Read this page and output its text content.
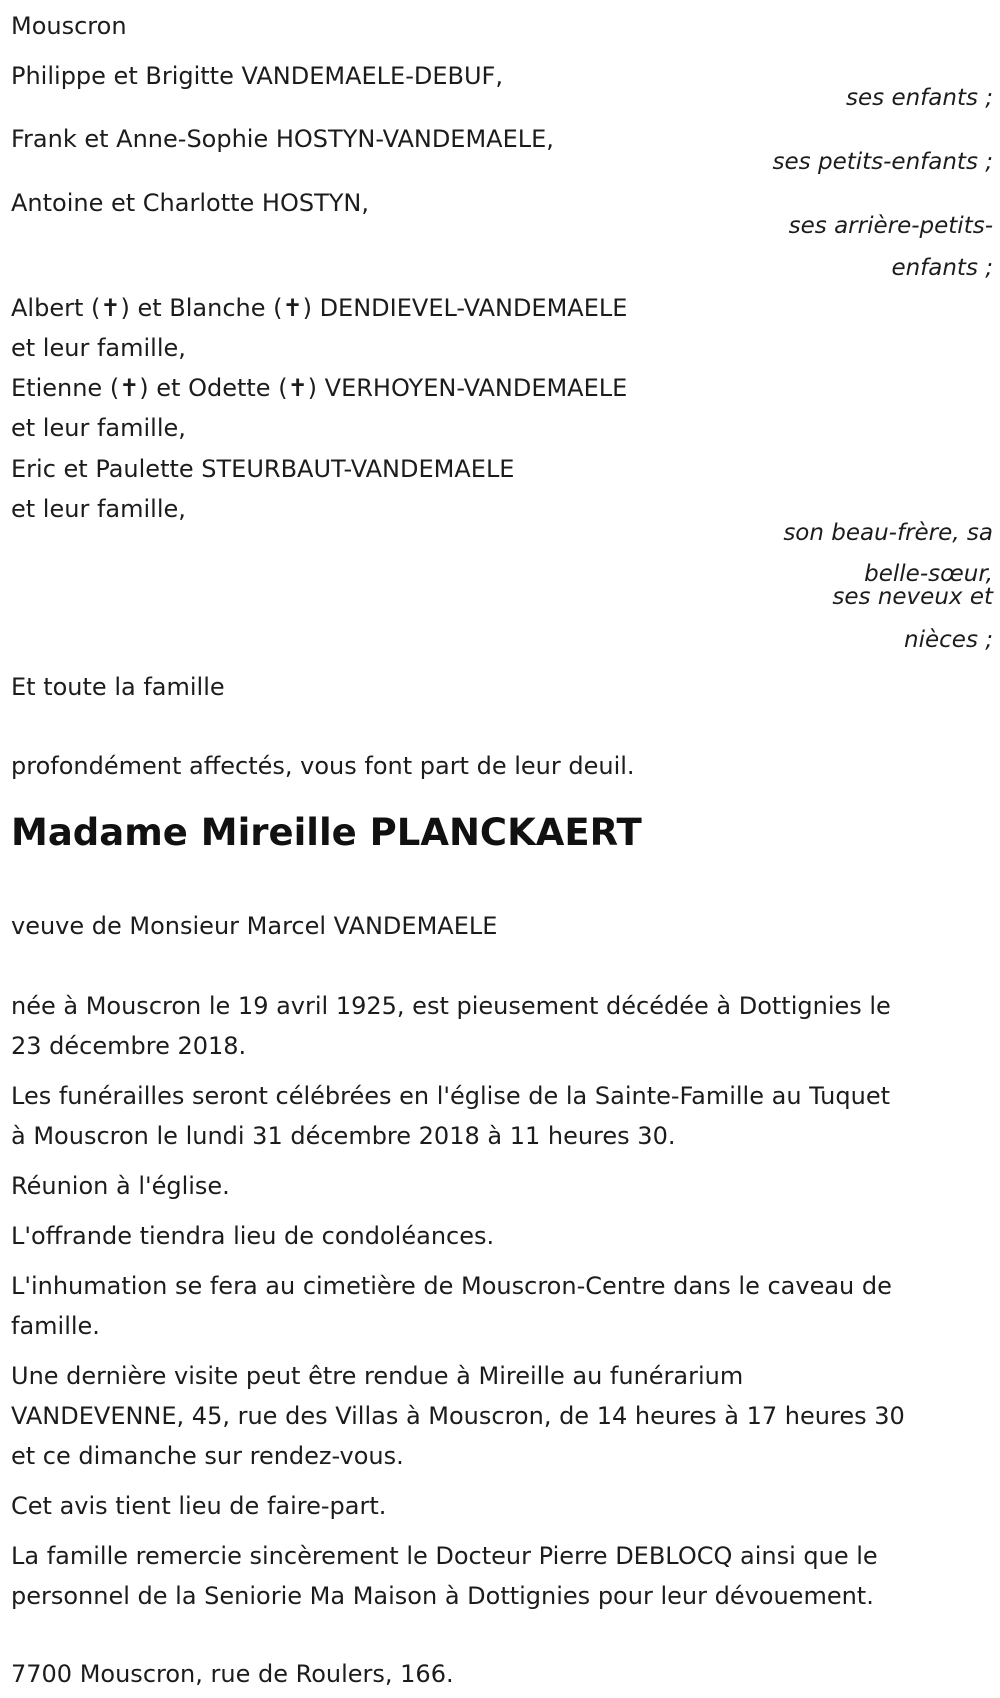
Mouscron
Philippe et Brigitte VANDEMAELE-DEBUF,
ses enfants ;
Frank et Anne-Sophie HOSTYN-VANDEMAELE,
ses petits-enfants ;
Antoine et Charlotte HOSTYN,
ses arrière-petits-
enfants ;
Albert (✝) et Blanche (✝) DENDIEVEL-VANDEMAELE
et leur famille,
Etienne (✝) et Odette (✝) VERHOYEN-VANDEMAELE
et leur famille,
Eric et Paulette STEURBAUT-VANDEMAELE
et leur famille,
son beau-frère, sa
belle-sœur,
ses neveux et
nièces ;
Et toute la famille
profondément affectés, vous font part de leur deuil.
Madame Mireille PLANCKAERT
veuve de Monsieur Marcel VANDEMAELE
née à Mouscron le 19 avril 1925, est pieusement décédée à Dottignies le
23 décembre 2018.
Les funérailles seront célébrées en l'église de la Sainte-Famille au Tuquet
à Mouscron le lundi 31 décembre 2018 à 11 heures 30.
Réunion à l'église.
L'offrande tiendra lieu de condoléances.
L'inhumation se fera au cimetière de Mouscron-Centre dans le caveau de
famille.
Une dernière visite peut être rendue à Mireille au funérarium
VANDEVENNE, 45, rue des Villas à Mouscron, de 14 heures à 17 heures 30
et ce dimanche sur rendez-vous.
Cet avis tient lieu de faire-part.
La famille remercie sincèrement le Docteur Pierre DEBLOCQ ainsi que le
personnel de la Seniorie Ma Maison à Dottignies pour leur dévouement.
7700 Mouscron, rue de Roulers, 166.
